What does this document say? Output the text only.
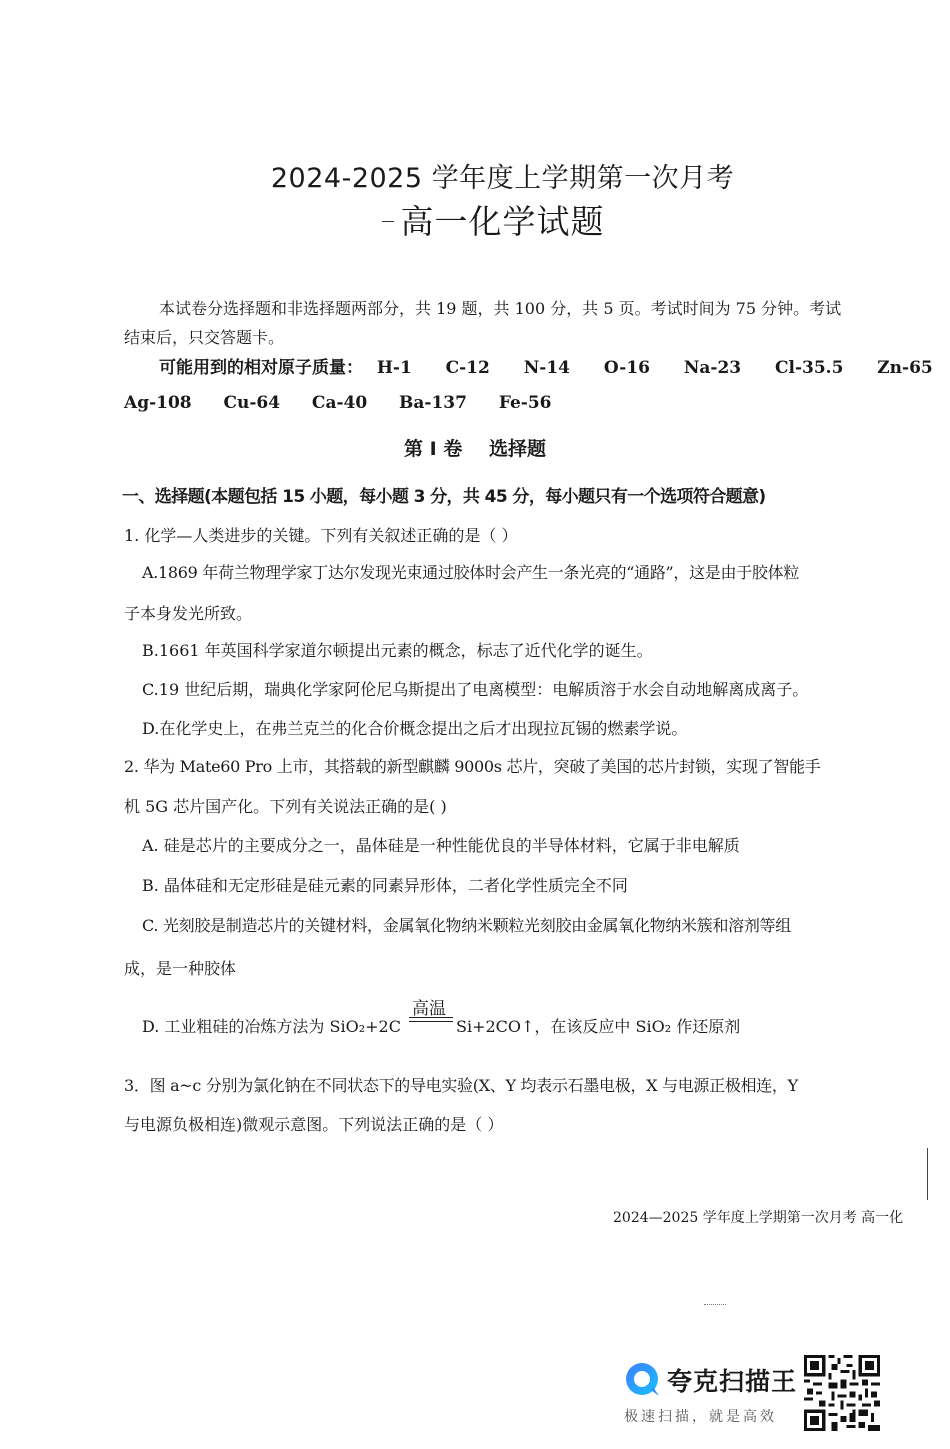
2024-2025 学年度上学期第一次月考
高一化学试题
本试卷分选择题和非选择题两部分，共 19 题，共 100 分，共 5 页。考试时间为 75 分钟。考试
结束后，只交答题卡。
可能用到的相对原子质量： H-1 C-12 N-14 O-16 Na-23 Cl-35.5 Zn-65
Ag-108 Cu-64 Ca-40 Ba-137 Fe-56
第 Ⅰ 卷 选择题
一、选择题(本题包括 15 小题，每小题 3 分，共 45 分，每小题只有一个选项符合题意)
1. 化学—人类进步的关键。下列有关叙述正确的是（ ）
A.1869 年荷兰物理学家丁达尔发现光束通过胶体时会产生一条光亮的“通路”，这是由于胶体粒
子本身发光所致。
B.1661 年英国科学家道尔顿提出元素的概念，标志了近代化学的诞生。
C.19 世纪后期，瑞典化学家阿伦尼乌斯提出了电离模型：电解质溶于水会自动地解离成离子。
D.在化学史上，在弗兰克兰的化合价概念提出之后才出现拉瓦锡的燃素学说。
2. 华为 Mate60 Pro 上市，其搭载的新型麒麟 9000s 芯片，突破了美国的芯片封锁，实现了智能手
机 5G 芯片国产化。下列有关说法正确的是( )
A. 硅是芯片的主要成分之一，晶体硅是一种性能优良的半导体材料，它属于非电解质
B. 晶体硅和无定形硅是硅元素的同素异形体，二者化学性质完全不同
C. 光刻胶是制造芯片的关键材料，金属氧化物纳米颗粒光刻胶由金属氧化物纳米簇和溶剂等组
成，是一种胶体
D. 工业粗硅的冶炼方法为 SiO₂+2C
高温
Si+2CO↑，在该反应中 SiO₂ 作还原剂
3．图 a~c 分别为氯化钠在不同状态下的导电实验(X、Y 均表示石墨电极，X 与电源正极相连，Y
与电源负极相连)微观示意图。下列说法正确的是（ ）
2024—2025 学年度上学期第一次月考 高一化
夸克扫描王
极速扫描，就是高效
